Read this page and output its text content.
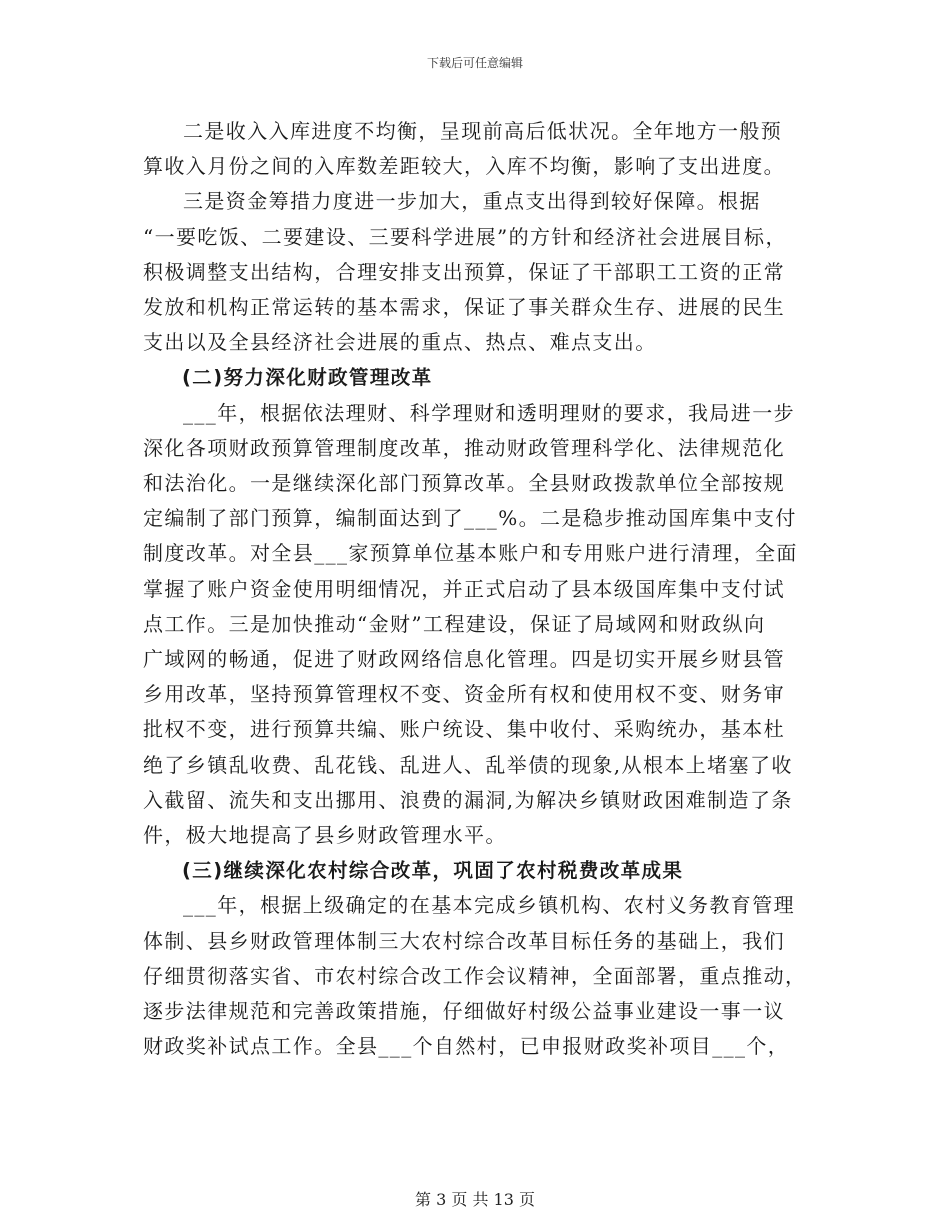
下载后可任意编辑

二是收入入库进度不均衡，呈现前高后低状况。全年地方一般预
算收入月份之间的入库数差距较大，入库不均衡，影响了支出进度。

三是资金筹措力度进一步加大，重点支出得到较好保障。根据
“一要吃饭、二要建设、三要科学进展”的方针和经济社会进展目标，
积极调整支出结构，合理安排支出预算，保证了干部职工工资的正常
发放和机构正常运转的基本需求，保证了事关群众生存、进展的民生
支出以及全县经济社会进展的重点、热点、难点支出。

(二)努力深化财政管理改革

___年，根据依法理财、科学理财和透明理财的要求，我局进一步
深化各项财政预算管理制度改革，推动财政管理科学化、法律规范化
和法治化。一是继续深化部门预算改革。全县财政拨款单位全部按规
定编制了部门预算，编制面达到了___%。二是稳步推动国库集中支付
制度改革。对全县___家预算单位基本账户和专用账户进行清理，全面
掌握了账户资金使用明细情况，并正式启动了县本级国库集中支付试
点工作。三是加快推动“金财”工程建设，保证了局域网和财政纵向
广域网的畅通，促进了财政网络信息化管理。四是切实开展乡财县管
乡用改革，坚持预算管理权不变、资金所有权和使用权不变、财务审
批权不变，进行预算共编、账户统设、集中收付、采购统办，基本杜
绝了乡镇乱收费、乱花钱、乱进人、乱举债的现象,从根本上堵塞了收
入截留、流失和支出挪用、浪费的漏洞,为解决乡镇财政困难制造了条
件，极大地提高了县乡财政管理水平。

(三)继续深化农村综合改革，巩固了农村税费改革成果

___年，根据上级确定的在基本完成乡镇机构、农村义务教育管理
体制、县乡财政管理体制三大农村综合改革目标任务的基础上，我们
仔细贯彻落实省、市农村综合改工作会议精神，全面部署，重点推动，
逐步法律规范和完善政策措施，仔细做好村级公益事业建设一事一议
财政奖补试点工作。全县___个自然村，已申报财政奖补项目___个，

第 3 页 共 13 页
